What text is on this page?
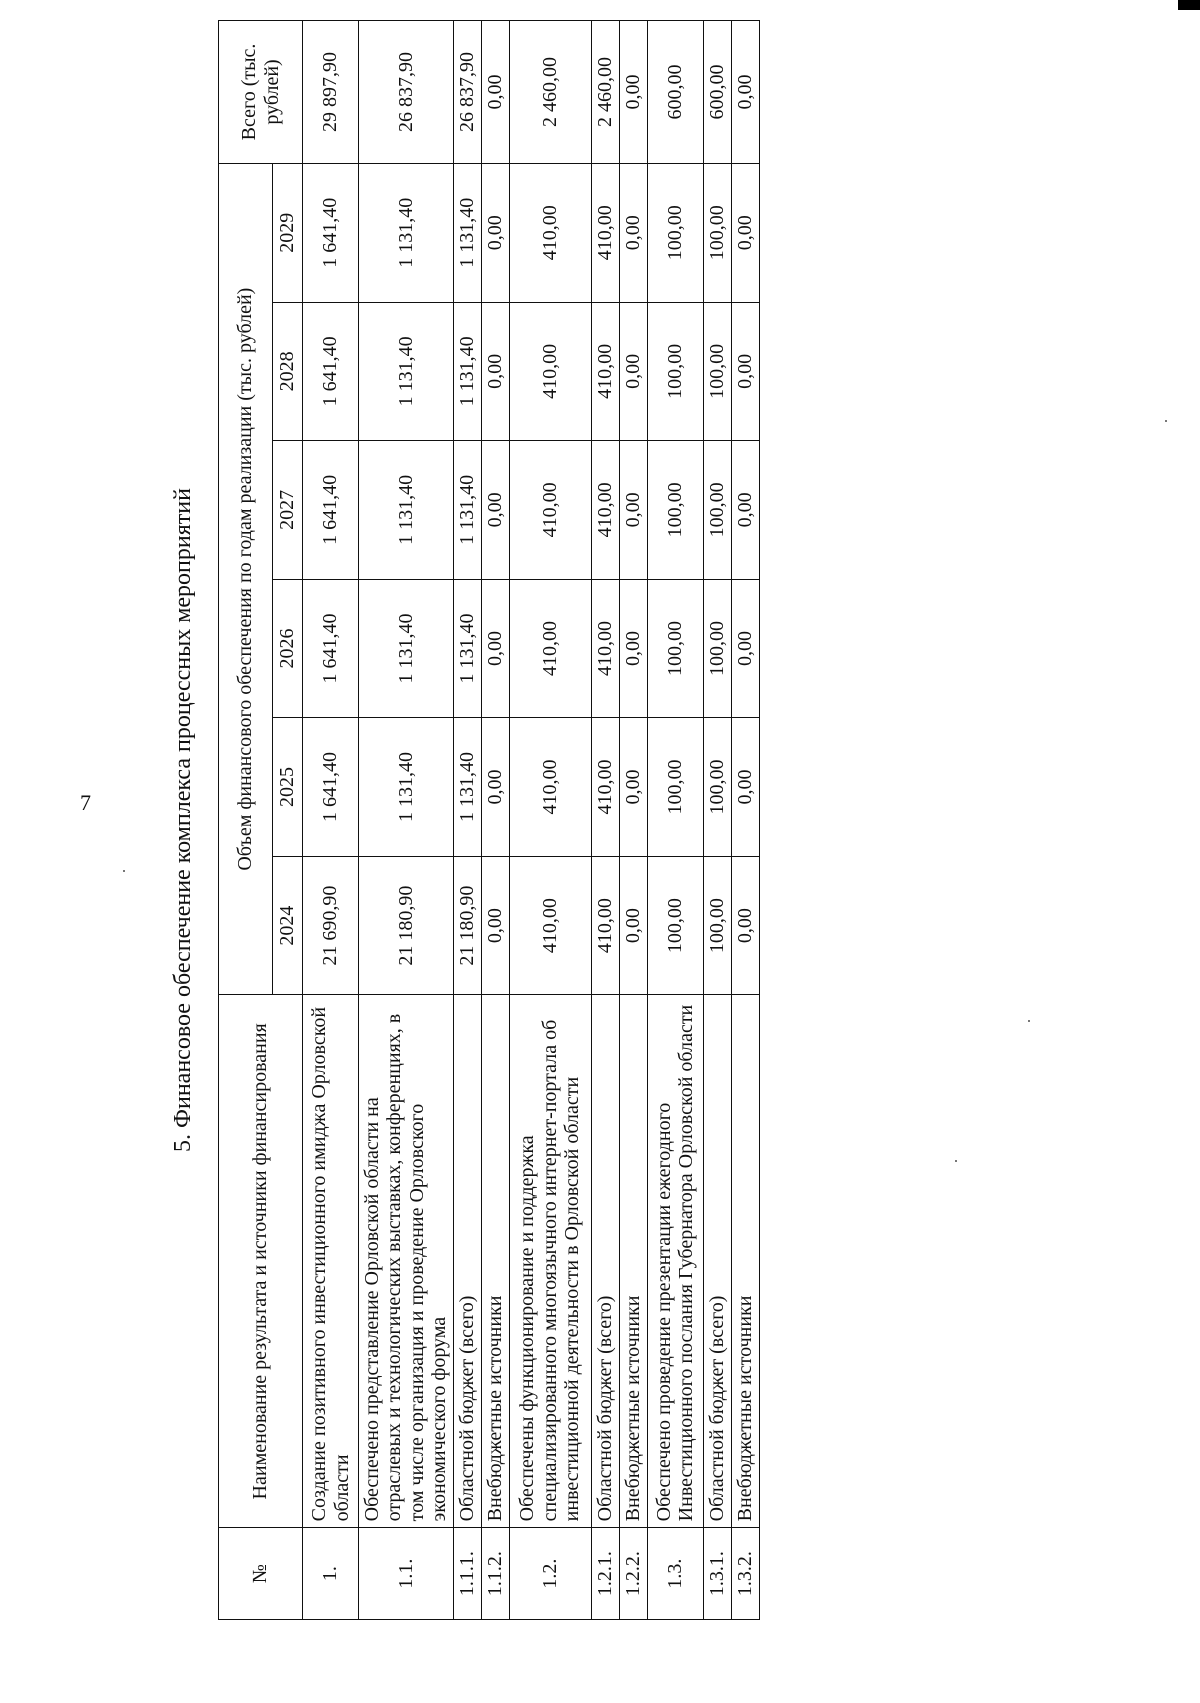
7	5. Финансовое обеспечение комплекса процессных мероприятий
№	Наименование результата и источники финансирования	Объем финансового обеспечения по годам реализации (тыс. рублей)						Всего (тыс. рублей)
		2024	2025	2026	2027	2028	2029	
1.	Создание позитивного инвестиционного имиджа Орловской области	21 690,90	1 641,40	1 641,40	1 641,40	1 641,40	1 641,40	29 897,90
1.1.	Обеспечено представление Орловской области на отраслевых и технологических выставках, конференциях, в том числе организация и проведение Орловского экономического форума	21 180,90	1 131,40	1 131,40	1 131,40	1 131,40	1 131,40	26 837,90
1.1.1.	Областной бюджет (всего)	21 180,90	1 131,40	1 131,40	1 131,40	1 131,40	1 131,40	26 837,90
1.1.2.	Внебюджетные источники	0,00	0,00	0,00	0,00	0,00	0,00	0,00
1.2.	Обеспечены функционирование и поддержка специализированного многоязычного интернет-портала об инвестиционной деятельности в Орловской области	410,00	410,00	410,00	410,00	410,00	410,00	2 460,00
1.2.1.	Областной бюджет (всего)	410,00	410,00	410,00	410,00	410,00	410,00	2 460,00
1.2.2.	Внебюджетные источники	0,00	0,00	0,00	0,00	0,00	0,00	0,00
1.3.	Обеспечено проведение презентации ежегодного Инвестиционного послания Губернатора Орловской области	100,00	100,00	100,00	100,00	100,00	100,00	600,00
1.3.1.	Областной бюджет (всего)	100,00	100,00	100,00	100,00	100,00	100,00	600,00
1.3.2.	Внебюджетные источники	0,00	0,00	0,00	0,00	0,00	0,00	0,00
